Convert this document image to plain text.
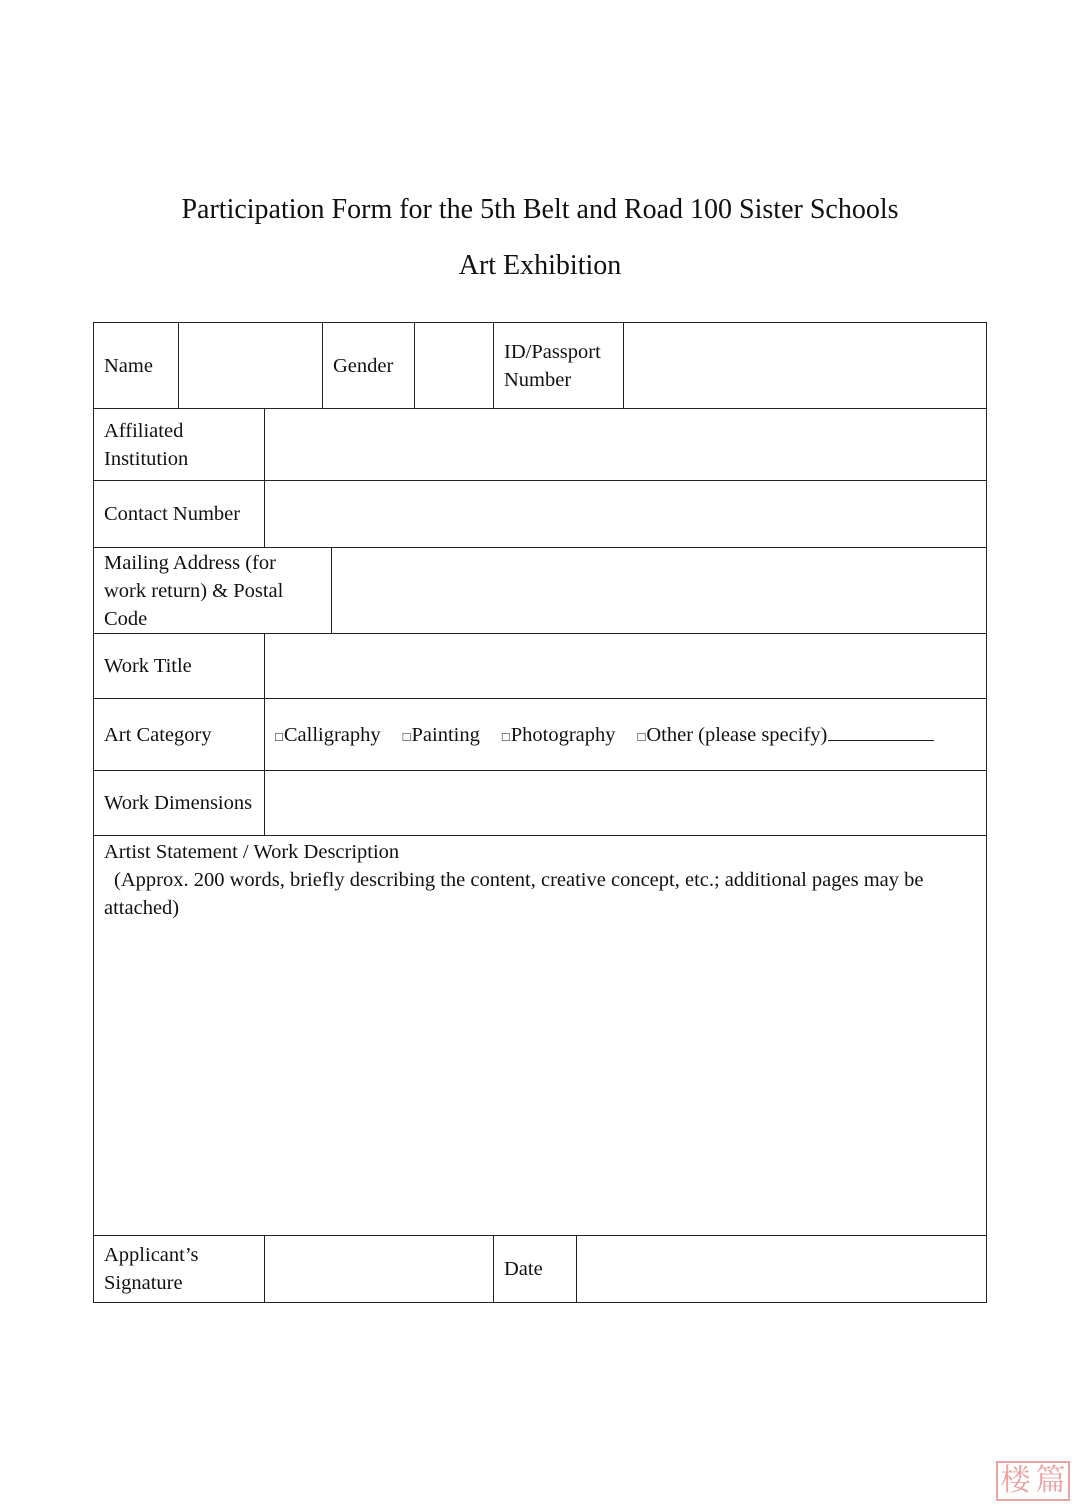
Participation Form for the 5th Belt and Road 100 Sister Schools
Art Exhibition
Name	Gender
ID/Passport Number
Affiliated Institution
Contact Number
Mailing Address (for work return) & Postal Code
Work Title
Art Category	□ Calligraphy □ Painting □ Photography □ Other (please specify)
Work Dimensions
Artist Statement / Work Description
(Approx. 200 words, briefly describing the content, creative concept, etc.; additional pages may be attached)
Applicant’s Signature
Date
楼 篇
